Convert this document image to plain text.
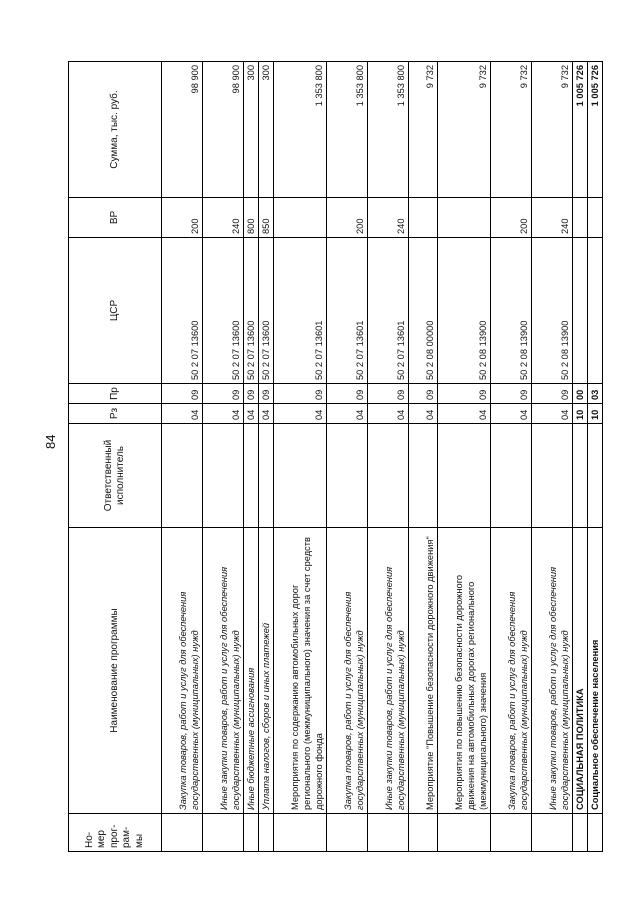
84
Но-мер прог-рам-мы	Наименование программы	Ответственный исполнитель	Рз	Пр	ЦСР	ВР	Сумма, тыс. руб.
	Закупка товаров, работ и услуг для обеспечения государственных (муниципальных) нужд		04	09	50 2 07 13600	200	98 900
	Иные закупки товаров, работ и услуг для обеспечения государственных (муниципальных) нужд		04	09	50 2 07 13600	240	98 900
	Иные бюджетные ассигнования		04	09	50 2 07 13600	800	300
	Уплата налогов, сборов и иных платежей		04	09	50 2 07 13600	850	300
	Мероприятия по содержанию автомобильных дорог регионального (межмуниципального) значения за счет средств дорожного фонда		04	09	50 2 07 13601		1 353 800
	Закупка товаров, работ и услуг для обеспечения государственных (муниципальных) нужд		04	09	50 2 07 13601	200	1 353 800
	Иные закупки товаров, работ и услуг для обеспечения государственных (муниципальных) нужд		04	09	50 2 07 13601	240	1 353 800
	Мероприятие "Повышение безопасности дорожного движения"		04	09	50 2 08 00000		9 732
	Мероприятия по повышению безопасности дорожного движения на автомобильных дорогах регионального (межмуниципального) значения		04	09	50 2 08 13900		9 732
	Закупка товаров, работ и услуг для обеспечения государственных (муниципальных) нужд		04	09	50 2 08 13900	200	9 732
	Иные закупки товаров, работ и услуг для обеспечения государственных (муниципальных) нужд		04	09	50 2 08 13900	240	9 732
	СОЦИАЛЬНАЯ ПОЛИТИКА		10	00			1 005 726
	Социальное обеспечение населения		10	03			1 005 726
